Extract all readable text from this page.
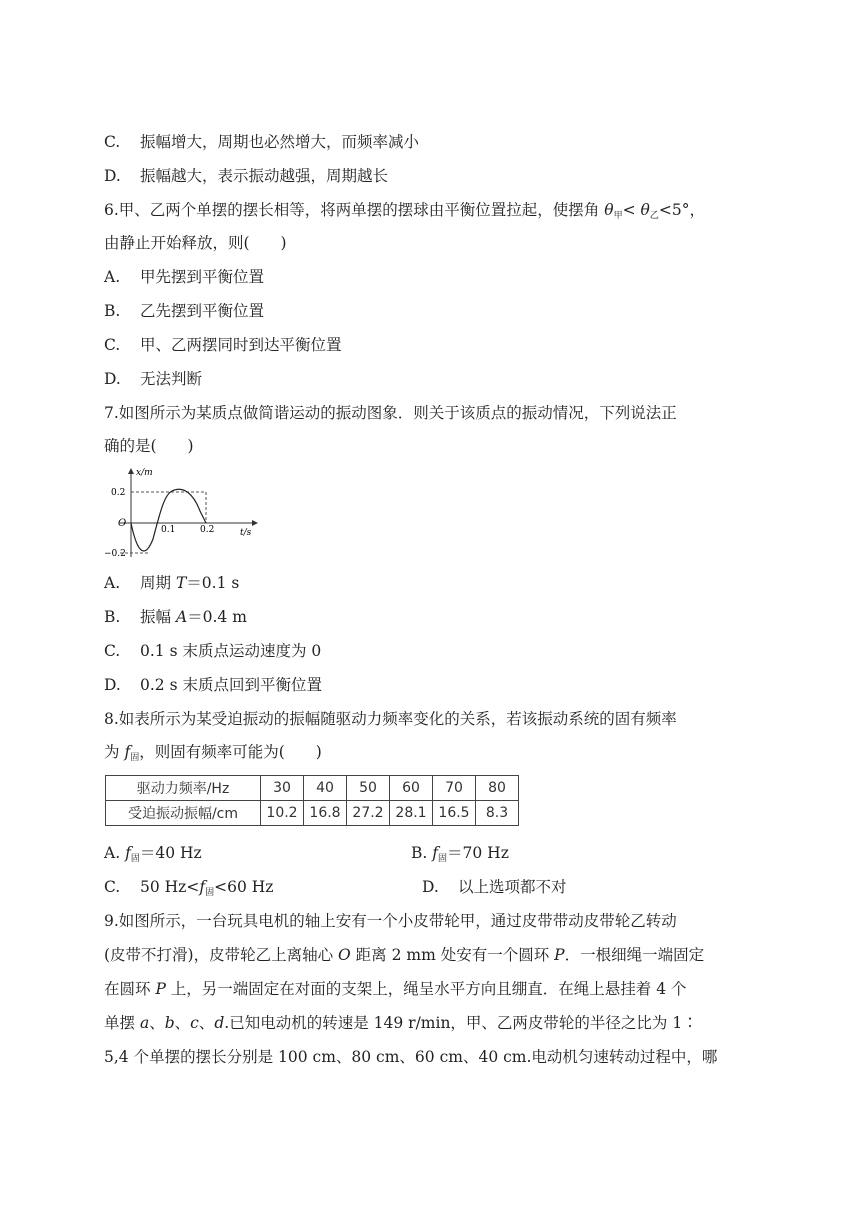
C. 振幅增大，周期也必然增大，而频率减小
D. 振幅越大，表示振动越强，周期越长
6.甲、乙两个单摆的摆长相等，将两单摆的摆球由平衡位置拉起，使摆角 $\theta_甲< \theta_乙<5^\circ$，
由静止开始释放，则(　　)
A. 甲先摆到平衡位置
B. 乙先摆到平衡位置
C. 甲、乙两摆同时到达平衡位置
D. 无法判断
7.如图所示为某质点做简谐运动的振动图象．则关于该质点的振动情况，下列说法正
确的是(　　)
x/m
t/s
O
0.2
−0.2
0.1	0.2
A. 周期 T＝0.1 s
B. 振幅 A＝0.4 m
C. 0.1 s 末质点运动速度为 0
D. 0.2 s 末质点回到平衡位置
8.如表所示为某受迫振动的振幅随驱动力频率变化的关系，若该振动系统的固有频率
为 $f_固$，则固有频率可能为(　　)
驱动力频率/Hz	30	40	50	60	70	80
受迫振动振幅/cm	10.2	16.8	27.2	28.1	16.5	8.3
A. $f_固=40$ Hz	B. $f_固=70$ Hz
C. 50 $Hz<f_固<60$ Hz	D. 以上选项都不对
9.如图所示，一台玩具电机的轴上安有一个小皮带轮甲，通过皮带带动皮带轮乙转动
(皮带不打滑)，皮带轮乙上离轴心 O 距离 2 mm 处安有一个圆环 P．一根细绳一端固定
在圆环 P 上，另一端固定在对面的支架上，绳呈水平方向且绷直．在绳上悬挂着 4 个
单摆 a、b、c、d.已知电动机的转速是 149 r/min，甲、乙两皮带轮的半径之比为 1∶
5,4 个单摆的摆长分别是 100 cm、80 cm、60 cm、40 cm.电动机匀速转动过程中，哪
